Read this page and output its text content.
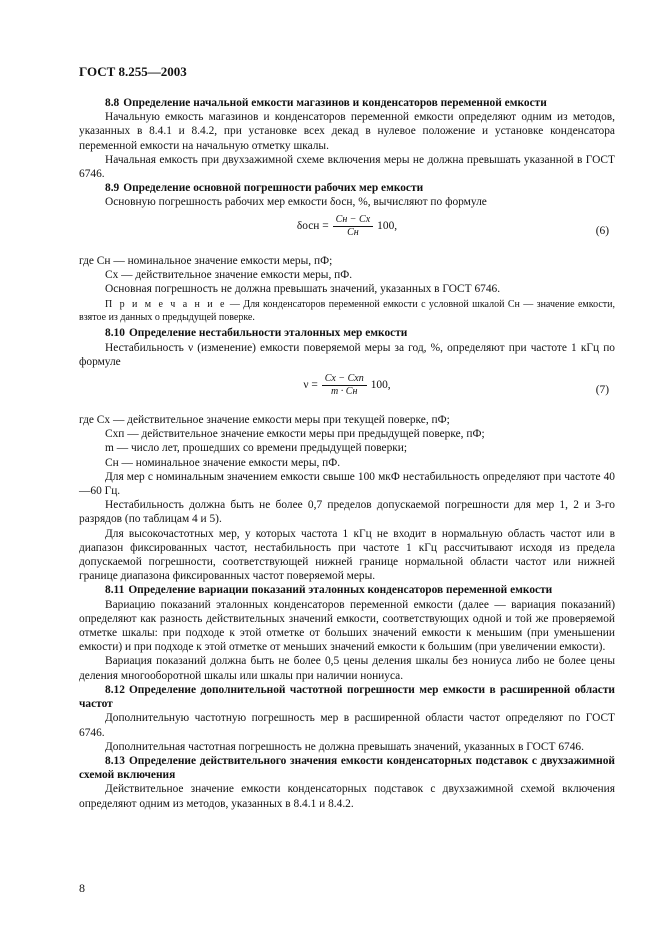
ГОСТ 8.255—2003

8.8 Определение начальной емкости магазинов и конденсаторов переменной емкости

Начальную емкость магазинов и конденсаторов переменной емкости определяют одним из методов, указанных в 8.4.1 и 8.4.2, при установке всех декад в нулевое положение и установке конденсатора переменной емкости на начальную отметку шкалы.

Начальная емкость при двухзажимной схеме включения меры не должна превышать указанной в ГОСТ 6746.

8.9 Определение основной погрешности рабочих мер емкости

Основную погрешность рабочих мер емкости δосн, %, вычисляют по формуле

$\delta осн = \frac{Cн - Cх}{Cн} 100$,	(6)

где Cн — номинальное значение емкости меры, пФ;

Cх — действительное значение емкости меры, пФ.

Основная погрешность не должна превышать значений, указанных в ГОСТ 6746.

П р и м е ч а н и е — Для конденсаторов переменной емкости с условной шкалой Cн — значение емкости, взятое из данных о предыдущей поверке.

8.10 Определение нестабильности эталонных мер емкости

Нестабильность ν (изменение) емкости поверяемой меры за год, %, определяют при частоте 1 кГц по формуле

$\nu = \frac{\text{Cх − Cхп}}{m \cdot Cн} 100$,	(7)

где Cх — действительное значение емкости меры при текущей поверке, пФ;

Cхп — действительное значение емкости меры при предыдущей поверке, пФ;

m — число лет, прошедших со времени предыдущей поверки;

Cн — номинальное значение емкости меры, пФ.

Для мер с номинальным значением емкости свыше 100 мкФ нестабильность определяют при частоте 40—60 Гц.

Нестабильность должна быть не более 0,7 пределов допускаемой погрешности для мер 1, 2 и 3-го разрядов (по таблицам 4 и 5).

Для высокочастотных мер, у которых частота 1 кГц не входит в нормальную область частот или в диапазон фиксированных частот, нестабильность при частоте 1 кГц рассчитывают исходя из предела допускаемой погрешности, соответствующей нижней границе нормальной области частот или нижней границе диапазона фиксированных частот поверяемой меры.

8.11 Определение вариации показаний эталонных конденсаторов переменной емкости

Вариацию показаний эталонных конденсаторов переменной емкости (далее — вариация показаний) определяют как разность действительных значений емкости, соответствующих одной и той же проверяемой отметке шкалы: при подходе к этой отметке от больших значений емкости к меньшим (при уменьшении емкости) и при подходе к этой отметке от меньших значений емкости к большим (при увеличении емкости).

Вариация показаний должна быть не более 0,5 цены деления шкалы без нониуса либо не более цены деления многооборотной шкалы или шкалы при наличии нониуса.

8.12 Определение дополнительной частотной погрешности мер емкости в расширенной области частот

Дополнительную частотную погрешность мер в расширенной области частот определяют по ГОСТ 6746.

Дополнительная частотная погрешность не должна превышать значений, указанных в ГОСТ 6746.

8.13 Определение действительного значения емкости конденсаторных подставок с двухзажимной схемой включения

Действительное значение емкости конденсаторных подставок с двухзажимной схемой включения определяют одним из методов, указанных в 8.4.1 и 8.4.2.

8
